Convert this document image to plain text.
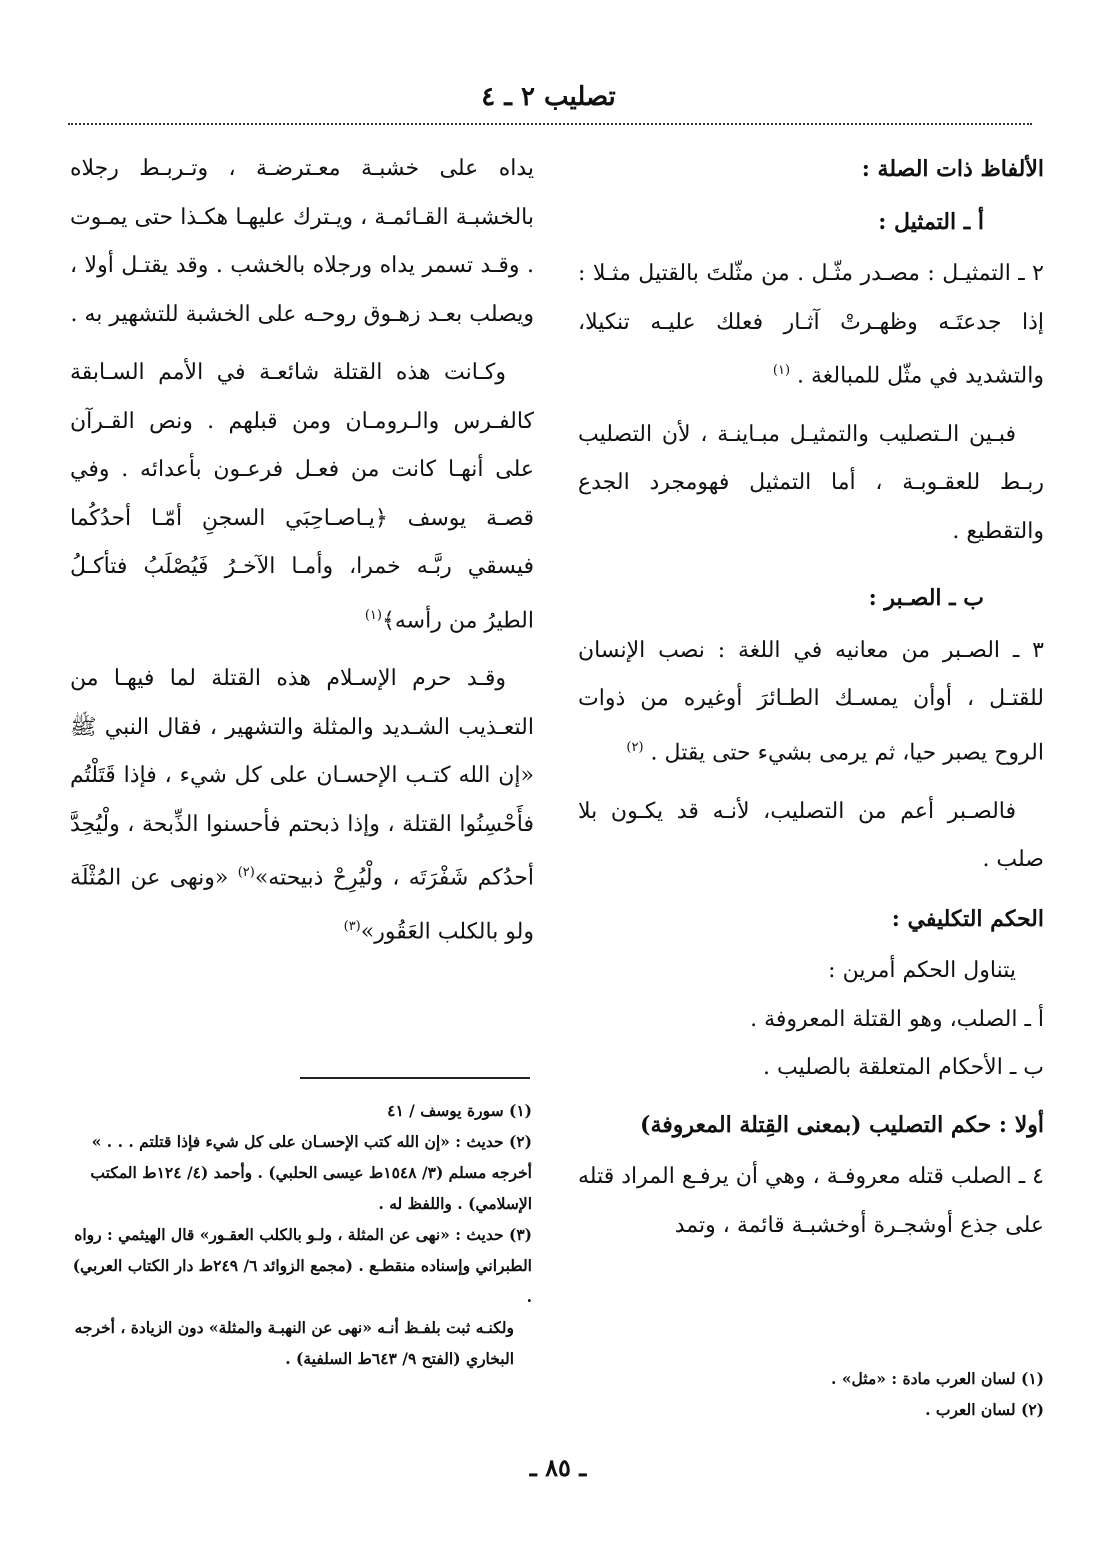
تصليب ٢ ـ ٤
الألفاظ ذات الصلة :
أ ـ التمثيل :

٢ ـ التمثيـل : مصـدر مثّـل . من مثّلتَ بالقتيل مثـلا : إذا جدعتَـه وظهـرتْ آثـار فعلك عليـه تنكيلا، والتشديد في مثّل للمبالغة . $^{(١)}$

فبـين الـتصليب والتمثيـل مبـاينـة ، لأن التصليب ربـط للعقـوبـة ، أما التمثيل فهومجرد الجدع والتقطيع .

ب ـ الصـبر :

٣ ـ الصـبر من معانيه في اللغة : نصب الإنسان للقتـل ، أوأن يمسـك الطـائرَ أوغيره من ذوات الروح يصبر حيا، ثم يرمى بشيء حتى يقتل . $^{(٢)}$

فالصـبر أعم من التصليب، لأنـه قد يكـون بلا صلب .

الحكم التكليفي :

يتناول الحكم أمرين :

أ ـ الصلب، وهو القتلة المعروفة .

ب ـ الأحكام المتعلقة بالصليب .

أولا : حكم التصليب (بمعنى القِتلة المعروفة)

٤ ـ الصلب قتله معروفـة ، وهي أن يرفـع المراد قتله على جذع أوشجـرة أوخشبـة قائمة ، وتمد

يداه على خشبـة معـترضـة ، وتـربـط رجلاه بالخشبـة القـائمـة ، ويـترك عليهـا هكـذا حتى يمـوت . وقـد تسمر يداه ورجلاه بالخشب . وقد يقتـل أولا ، ويصلب بعـد زهـوق روحـه على الخشبة للتشهير به .

وكـانت هذه القتلة شائعـة في الأمم السـابقة كالفـرس والـرومـان ومن قبلهم . ونص القـرآن على أنهـا كانت من فعـل فرعـون بأعدائه . وفي قصـة يوسف ﴿يـاصـاحِبَي السجنِ أمّـا أحدُكُما فيسقي ربَّـه خمرا، وأمـا الآخـرُ فَيُصْلَبُ فتأكـلُ الطيرُ من رأسه﴾$^{(١)}$

وقـد حرم الإسـلام هذه القتلة لما فيهـا من التعـذيب الشـديد والمثلة والتشهير ، فقال النبي ﷺ «إن الله كتـب الإحسـان على كل شيء ، فإذا قَتَلْتُم فأَحْسِنُوا القتلة ، وإذا ذبحتم فأحسنوا الذِّبحة ، ولْيُحِدَّ أحدُكم شَفْرَتَه ، ولْيُرِحْ ذبيحته»$^{(٢)}$ «ونهى عن المُثْلَة ولو بالكلب العَقُور»$^{(٣)}$

(١) سورة يوسف / ٤١
(٢) حديث : «إن الله كتب الإحسـان على كل شيء فإذا قتلتم . . . » أخرجه مسلم (٣/ ١٥٤٨ط عيسى الحلبي) . وأحمد (٤/ ١٢٤ط المكتب الإسلامي) . واللفظ له .
(٣) حديث : «نهى عن المثلة ، ولـو بالكلب العقـور» قال الهيثمي : رواه الطبراني وإسناده منقطـع . (مجمع الزوائد ٦/ ٢٤٩ط دار الكتاب العربي) .
ولكنـه ثبت بلفـظ أنـه «نهى عن النهبـة والمثلة» دون الزيادة ، أخرجه البخاري (الفتح ٩/ ٦٤٣ط السلفية) .
(١) لسان العرب مادة : «مثل» .
(٢) لسان العرب .
ـ ٨٥ ـ
